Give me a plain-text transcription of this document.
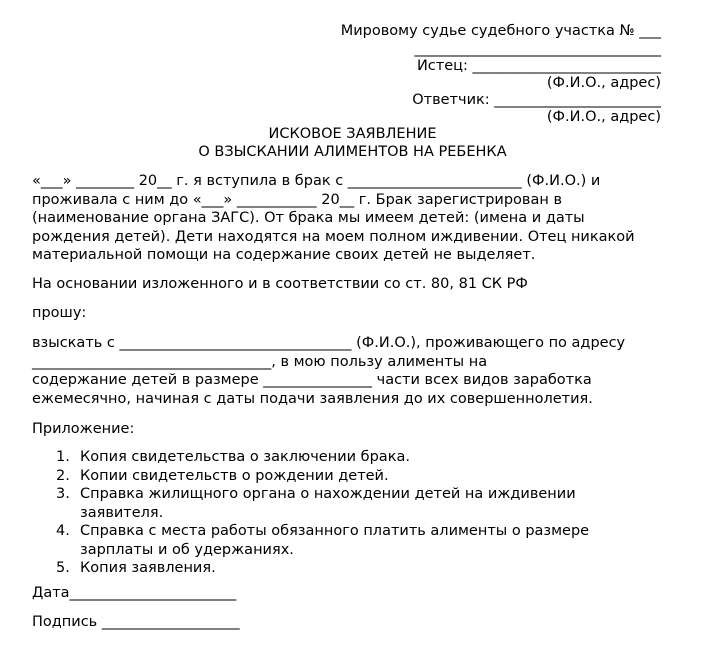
Мировому судье судебного участка № ___
__________________________________
Истец: __________________________
(Ф.И.О., адрес)
Ответчик: _______________________
(Ф.И.О., адрес)
ИСКОВОЕ ЗАЯВЛЕНИЕ
О ВЗЫСКАНИИ АЛИМЕНТОВ НА РЕБЕНКА
«___» ________ 20__ г. я вступила в брак с ________________________ (Ф.И.О.) и
проживала с ним до «___» ___________ 20__ г. Брак зарегистрирован в
(наименование органа ЗАГС). От брака мы имеем детей: (имена и даты
рождения детей). Дети находятся на моем полном иждивении. Отец никакой
материальной помощи на содержание своих детей не выделяет.
На основании изложенного и в соответствии со ст. 80, 81 СК РФ
прошу:
взыскать с ________________________________ (Ф.И.О.), проживающего по адресу
_________________________________, в мою пользу алименты на
содержание детей в размере _______________ части всех видов заработка
ежемесячно, начиная с даты подачи заявления до их совершеннолетия.
Приложение:
1. Копия свидетельства о заключении брака.
2. Копии свидетельств о рождении детей.
3. Справка жилищного органа о нахождении детей на иждивении
заявителя.
4. Справка с места работы обязанного платить алименты о размере
зарплаты и об удержаниях.
5. Копия заявления.
Дата_______________________
Подпись ___________________
